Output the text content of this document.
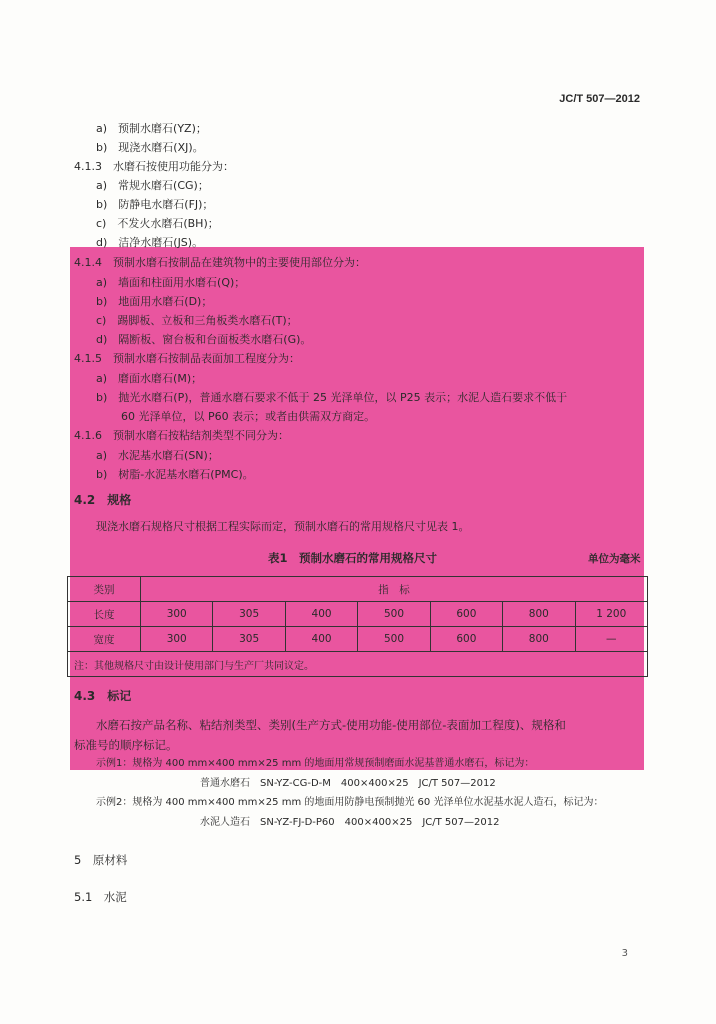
JC/T 507—2012
a)　预制水磨石(YZ)；
b)　现浇水磨石(XJ)。
4.1.3　水磨石按使用功能分为：
a)　常规水磨石(CG)；
b)　防静电水磨石(FJ)；
c)　不发火水磨石(BH)；
d)　洁净水磨石(JS)。
4.1.4　预制水磨石按制品在建筑物中的主要使用部位分为：
a)　墙面和柱面用水磨石(Q)；
b)　地面用水磨石(D)；
c)　踢脚板、立板和三角板类水磨石(T)；
d)　隔断板、窗台板和台面板类水磨石(G)。
4.1.5　预制水磨石按制品表面加工程度分为：
a)　磨面水磨石(M)；
b)　抛光水磨石(P)，普通水磨石要求不低于 25 光泽单位，以 P25 表示；水泥人造石要求不低于
60 光泽单位，以 P60 表示；或者由供需双方商定。
4.1.6　预制水磨石按粘结剂类型不同分为：
a)　水泥基水磨石(SN)；
b)　树脂-水泥基水磨石(PMC)。
4.2　规格
现浇水磨石规格尺寸根据工程实际而定，预制水磨石的常用规格尺寸见表 1。
表1　预制水磨石的常用规格尺寸	单位为毫米
类别	指　标						
长度	300	305	400	500	600	800	1 200
宽度	300	305	400	500	600	800	—
注：其他规格尺寸由设计使用部门与生产厂共同议定。							
4.3　标记
水磨石按产品名称、粘结剂类型、类别(生产方式-使用功能-使用部位-表面加工程度)、规格和
标准号的顺序标记。
示例1：规格为 400 mm×400 mm×25 mm 的地面用常规预制磨面水泥基普通水磨石，标记为：
普通水磨石　SN-YZ-CG-D-M　400×400×25　JC/T 507—2012
示例2：规格为 400 mm×400 mm×25 mm 的地面用防静电预制抛光 60 光泽单位水泥基水泥人造石，标记为：
水泥人造石　SN-YZ-FJ-D-P60　400×400×25　JC/T 507—2012
5　原材料
5.1　水泥
3
